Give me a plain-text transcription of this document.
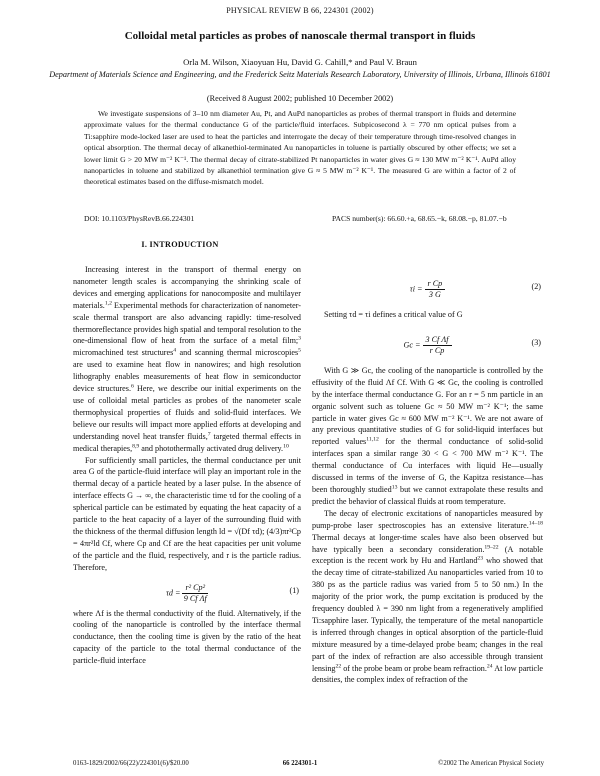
PHYSICAL REVIEW B 66, 224301 (2002)
Colloidal metal particles as probes of nanoscale thermal transport in fluids
Orla M. Wilson, Xiaoyuan Hu, David G. Cahill,* and Paul V. Braun
Department of Materials Science and Engineering, and the Frederick Seitz Materials Research Laboratory, University of Illinois, Urbana, Illinois 61801
(Received 8 August 2002; published 10 December 2002)

We investigate suspensions of 3–10 nm diameter Au, Pt, and AuPd nanoparticles as probes of thermal transport in fluids and determine approximate values for the thermal conductance G of the particle/fluid interfaces. Subpicosecond λ = 770 nm optical pulses from a Ti:sapphire mode-locked laser are used to heat the particles and interrogate the decay of their temperature through time-resolved changes in optical absorption. The thermal decay of alkanethiol-terminated Au nanoparticles in toluene is partially obscured by other effects; we set a lower limit G > 20 MW m⁻² K⁻¹. The thermal decay of citrate-stabilized Pt nanoparticles in water gives G ≈ 130 MW m⁻² K⁻¹. AuPd alloy nanoparticles in toluene and stabilized by alkanethiol termination give G ≈ 5 MW m⁻² K⁻¹. The measured G are within a factor of 2 of theoretical estimates based on the diffuse-mismatch model.

DOI: 10.1103/PhysRevB.66.224301	PACS number(s): 66.60.+a, 68.65.−k, 68.08.−p, 81.07.−b
I. INTRODUCTION

Increasing interest in the transport of thermal energy on nanometer length scales is accompanying the shrinking scale of devices and emerging applications for nanocomposite and multilayer materials.$^{1,2}$ Experimental methods for characterization of nanometer-scale thermal transport are also advancing rapidly: time-resolved thermoreflectance provides high spatial and temporal resolution to the one-dimensional flow of heat from the surface of a metal film;$^3$ micromachined test structures$^4$ and scanning thermal microscopies$^5$ are used to examine heat flow in nanowires; and high resolution lithography enables measurements of heat flow in semiconductor device structures.$^6$ Here, we describe our initial experiments on the use of colloidal metal particles as probes of the nanometer scale thermophysical properties of fluids and solid-fluid interfaces. We believe our results will impact more applied efforts at developing and understanding novel heat transfer fluids,$^7$ targeted thermal effects in medical therapies,$^{8,9}$ and photothermally activated drug delivery.$^{10}$

For sufficiently small particles, the thermal conductance per unit area G of the particle-fluid interface will play an important role in the thermal decay of a particle heated by a laser pulse. In the absence of interface effects G → ∞, the characteristic time τd for the cooling of a spherical particle can be estimated by equating the heat capacity of a particle to the heat capacity of a layer of the surrounding fluid with the thickness of the thermal diffusion length ld = √(Df τd); (4/3)πr³Cp = 4πr²ld Cf, where Cp and Cf are the heat capacities per unit volume of the particle and the fluid, respectively, and r is the particle radius. Therefore,

$\tau d = \frac{\text{r² Cp²}}{\text{9 Cf Λf}}$	(1)

where Λf is the thermal conductivity of the fluid. Alternatively, if the cooling of the nanoparticle is controlled by the interface thermal conductance, then the cooling time is given by the ratio of the heat capacity of the particle to the total thermal conductance of the particle-fluid interface

$\tau i = \frac{\text{r Cp}}{3 G}$	(2)

Setting τd = τi defines a critical value of G

$Gc = \frac{\text{3 Cf Λf}}{\text{r Cp}}$	(3)

With G ≫ Gc, the cooling of the nanoparticle is controlled by the effusivity of the fluid Λf Cf. With G ≪ Gc, the cooling is controlled by the interface thermal conductance G. For an r = 5 nm particle in an organic solvent such as toluene Gc ≈ 50 MW m⁻² K⁻¹; the same particle in water gives Gc ≈ 600 MW m⁻² K⁻¹. We are not aware of any previous quantitative studies of G for solid-liquid interfaces but reported values$^{11,12}$ for the thermal conductance of solid-solid interfaces span a similar range 30 < G < 700 MW m⁻² K⁻¹. The thermal conductance of Cu interfaces with liquid He—usually discussed in terms of the inverse of G, the Kapitza resistance—has been thoroughly studied$^{13}$ but we cannot extrapolate these results and predict the behavior of classical fluids at room temperature.

The decay of electronic excitations of nanoparticles measured by pump-probe laser spectroscopies has an extensive literature.$^{14-18}$ Thermal decays at longer-time scales have also been observed but have typically been a secondary consideration.$^{19-22}$ (A notable exception is the recent work by Hu and Hartland$^{23}$ who showed that the decay time of citrate-stabilized Au nanoparticles varied from 10 to 380 ps as the particle radius was varied from 5 to 50 nm.) In the majority of the prior work, the pump excitation is produced by the frequency doubled λ = 390 nm light from a regeneratively amplified Ti:sapphire laser. Typically, the temperature of the metal nanoparticle is inferred through changes in optical absorption of the particle-fluid mixture measured by a time-delayed probe beam; changes in the real part of the index of refraction are also accessible through transient lensing$^{22}$ of the probe beam or probe beam refraction.$^{24}$ At low particle densities, the complex index of refraction of the

0163-1829/2002/66(22)/224301(6)/$20.00	66 224301-1	©2002 The American Physical Society
